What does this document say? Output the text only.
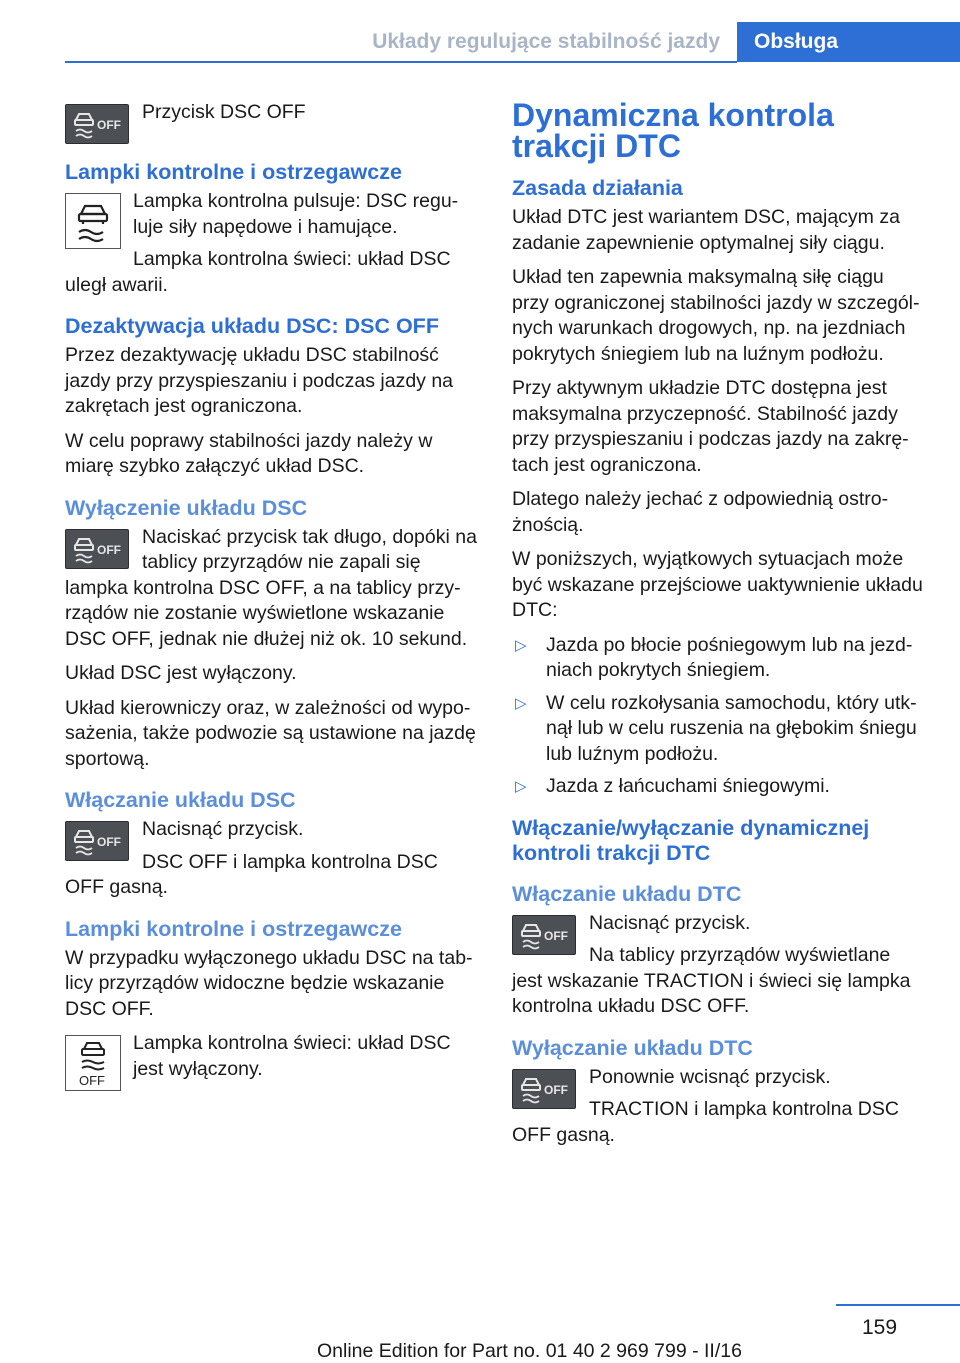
Układy regulujące stabilność jazdy Obsługa
OFF

Przycisk DSC OFF

Lampki kontrolne i ostrzegawcze

Lampka kontrolna pulsuje: DSC regu‐luje siły napędowe i hamujące.

Lampka kontrolna świeci: układ DSC

uległ awarii.

Dezaktywacja układu DSC: DSC OFF

Przez dezaktywację układu DSC stabilność jazdy przy przyspieszaniu i podczas jazdy na zakrętach jest ograniczona.

W celu poprawy stabilności jazdy należy w miarę szybko załączyć układ DSC.

Wyłączenie układu DSC
OFF

Naciskać przycisk tak długo, dopóki na tablicy przyrządów nie zapali się

lampka kontrolna DSC OFF, a na tablicy przy‐rządów nie zostanie wyświetlone wskazanie DSC OFF, jednak nie dłużej niż ok. 10 sekund.

Układ DSC jest wyłączony.

Układ kierowniczy oraz, w zależności od wypo‐sażenia, także podwozie są ustawione na jazdę sportową.

Włączanie układu DSC
OFF

Nacisnąć przycisk.

DSC OFF i lampka kontrolna DSC

OFF gasną.

Lampki kontrolne i ostrzegawcze

W przypadku wyłączonego układu DSC na tab‐licy przyrządów widoczne będzie wskazanie DSC OFF.

OFF

Lampka kontrolna świeci: układ DSC jest wyłączony.

Dynamiczna kontrola trakcji DTC
Zasada działania

Układ DTC jest wariantem DSC, mającym za zadanie zapewnienie optymalnej siły ciągu.

Układ ten zapewnia maksymalną siłę ciągu przy ograniczonej stabilności jazdy w szczegól‐nych warunkach drogowych, np. na jezdniach pokrytych śniegiem lub na luźnym podłożu.

Przy aktywnym układzie DTC dostępna jest maksymalna przyczepność. Stabilność jazdy przy przyspieszaniu i podczas jazdy na zakrę‐tach jest ograniczona.

Dlatego należy jechać z odpowiednią ostro‐żnością.

W poniższych, wyjątkowych sytuacjach może być wskazane przejściowe uaktywnienie układu DTC:

▷ Jazda po błocie pośniegowym lub na jezd‐niach pokrytych śniegiem.
▷ W celu rozkołysania samochodu, który utk‐nął lub w celu ruszenia na głębokim śniegu lub luźnym podłożu.
▷ Jazda z łańcuchami śniegowymi.
Włączanie/wyłączanie dynamicznej kontroli trakcji DTC
Włączanie układu DTC
OFF

Nacisnąć przycisk.

Na tablicy przyrządów wyświetlane

jest wskazanie TRACTION i świeci się lampka kontrolna układu DSC OFF.

Wyłączanie układu DTC
OFF

Ponownie wcisnąć przycisk.

TRACTION i lampka kontrolna DSC

OFF gasną.

159
Online Edition for Part no. 01 40 2 969 799 - II/16
